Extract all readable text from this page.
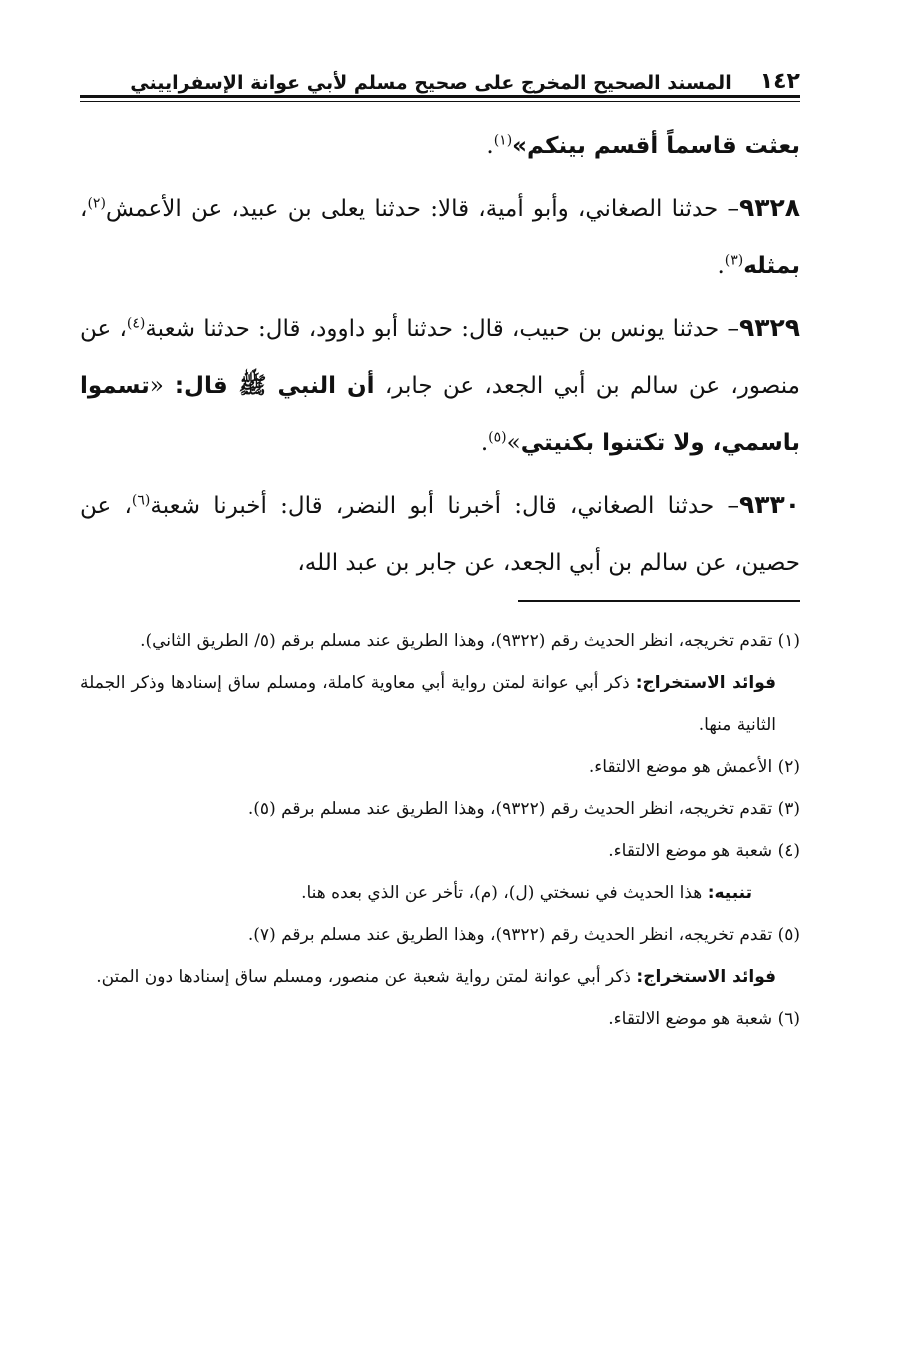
١٤٢
المسند الصحيح المخرج على صحيح مسلم لأبي عوانة الإسفراييني

بعثت قاسماً أقسم بينكم»$^{(١)}$.

٩٣٢٨– حدثنا الصغاني، وأبو أمية، قالا: حدثنا يعلى بن عبيد، عن الأعمش$^{(٢)}$، بمثله$^{(٣)}$.

٩٣٢٩– حدثنا يونس بن حبيب، قال: حدثنا أبو داوود، قال: حدثنا شعبة$^{(٤)}$، عن منصور، عن سالم بن أبي الجعد، عن جابر، أن النبي ﷺ قال: «تسموا باسمي، ولا تكتنوا بكنيتي»$^{(٥)}$.

٩٣٣٠– حدثنا الصغاني، قال: أخبرنا أبو النضر، قال: أخبرنا شعبة$^{(٦)}$، عن حصين، عن سالم بن أبي الجعد، عن جابر بن عبد الله،

(١) تقدم تخريجه، انظر الحديث رقم (٩٣٢٢)، وهذا الطريق عند مسلم برقم (٥/ الطريق الثاني).

فوائد الاستخراج: ذكر أبي عوانة لمتن رواية أبي معاوية كاملة، ومسلم ساق إسنادها وذكر الجملة الثانية منها.

(٢) الأعمش هو موضع الالتقاء.

(٣) تقدم تخريجه، انظر الحديث رقم (٩٣٢٢)، وهذا الطريق عند مسلم برقم (٥).

(٤) شعبة هو موضع الالتقاء.

تنبيه: هذا الحديث في نسختي (ل)، (م)، تأخر عن الذي بعده هنا.

(٥) تقدم تخريجه، انظر الحديث رقم (٩٣٢٢)، وهذا الطريق عند مسلم برقم (٧).

فوائد الاستخراج: ذكر أبي عوانة لمتن رواية شعبة عن منصور، ومسلم ساق إسنادها دون المتن.

(٦) شعبة هو موضع الالتقاء.
